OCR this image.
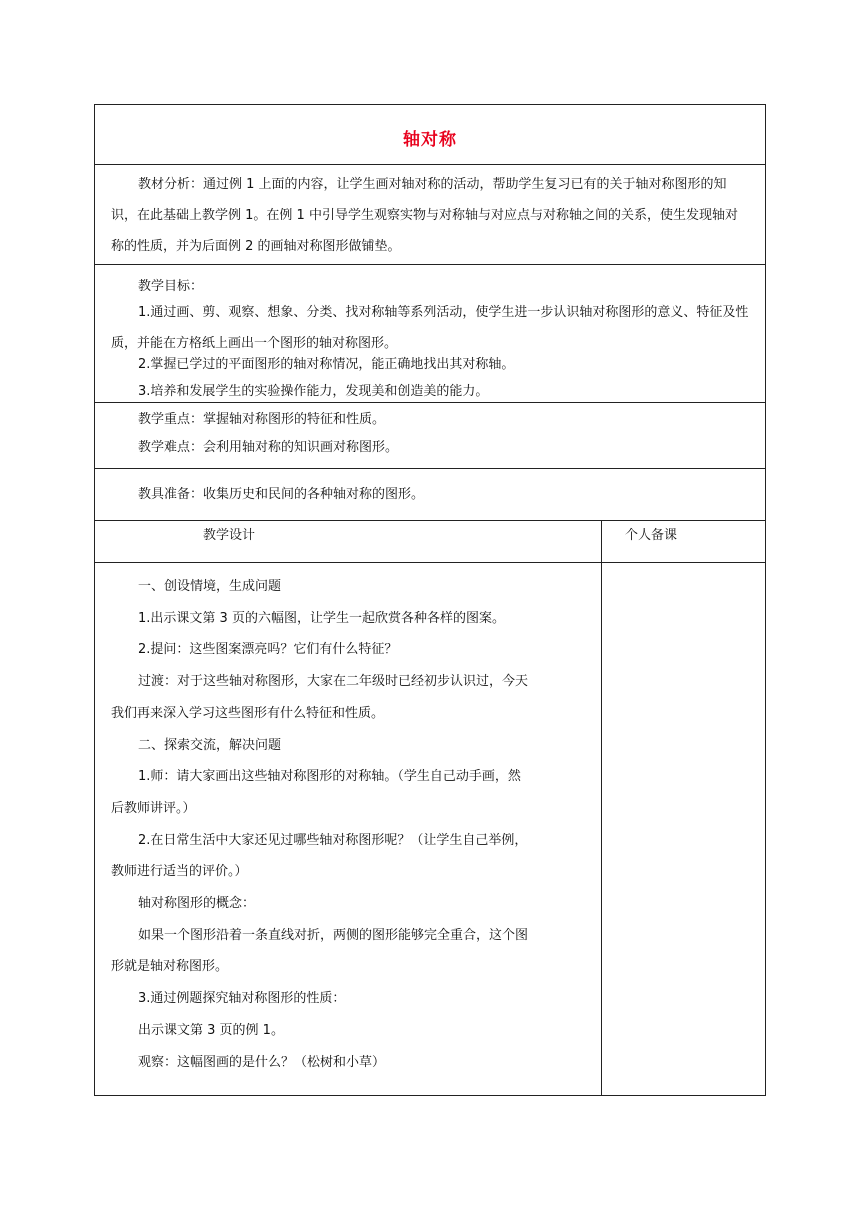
轴对称

教材分析：通过例 1 上面的内容，让学生画对轴对称的活动，帮助学生复习已有的关于轴对称图形的知识，在此基础上教学例 1。在例 1 中引导学生观察实物与对称轴与对应点与对称轴之间的关系，使生发现轴对称的性质，并为后面例 2 的画轴对称图形做铺垫。

教学目标：

1.通过画、剪、观察、想象、分类、找对称轴等系列活动，使学生进一步认识轴对称图形的意义、特征及性质，并能在方格纸上画出一个图形的轴对称图形。

2.掌握已学过的平面图形的轴对称情况，能正确地找出其对称轴。

3.培养和发展学生的实验操作能力，发现美和创造美的能力。

教学重点：掌握轴对称图形的特征和性质。

教学难点：会利用轴对称的知识画对称图形。

教具准备：收集历史和民间的各种轴对称的图形。

教学设计	个人备课
一、创设情境，生成问题
1.出示课文第 3 页的六幅图，让学生一起欣赏各种各样的图案。
2.提问：这些图案漂亮吗？它们有什么特征？
过渡：对于这些轴对称图形，大家在二年级时已经初步认识过，今天
我们再来深入学习这些图形有什么特征和性质。
二、探索交流，解决问题
1.师：请大家画出这些轴对称图形的对称轴。（学生自己动手画，然
后教师讲评。）
2.在日常生活中大家还见过哪些轴对称图形呢？（让学生自己举例，
教师进行适当的评价。）
轴对称图形的概念：
如果一个图形沿着一条直线对折，两侧的图形能够完全重合，这个图
形就是轴对称图形。
3.通过例题探究轴对称图形的性质：
出示课文第 3 页的例 1。
观察：这幅图画的是什么？（松树和小草）
